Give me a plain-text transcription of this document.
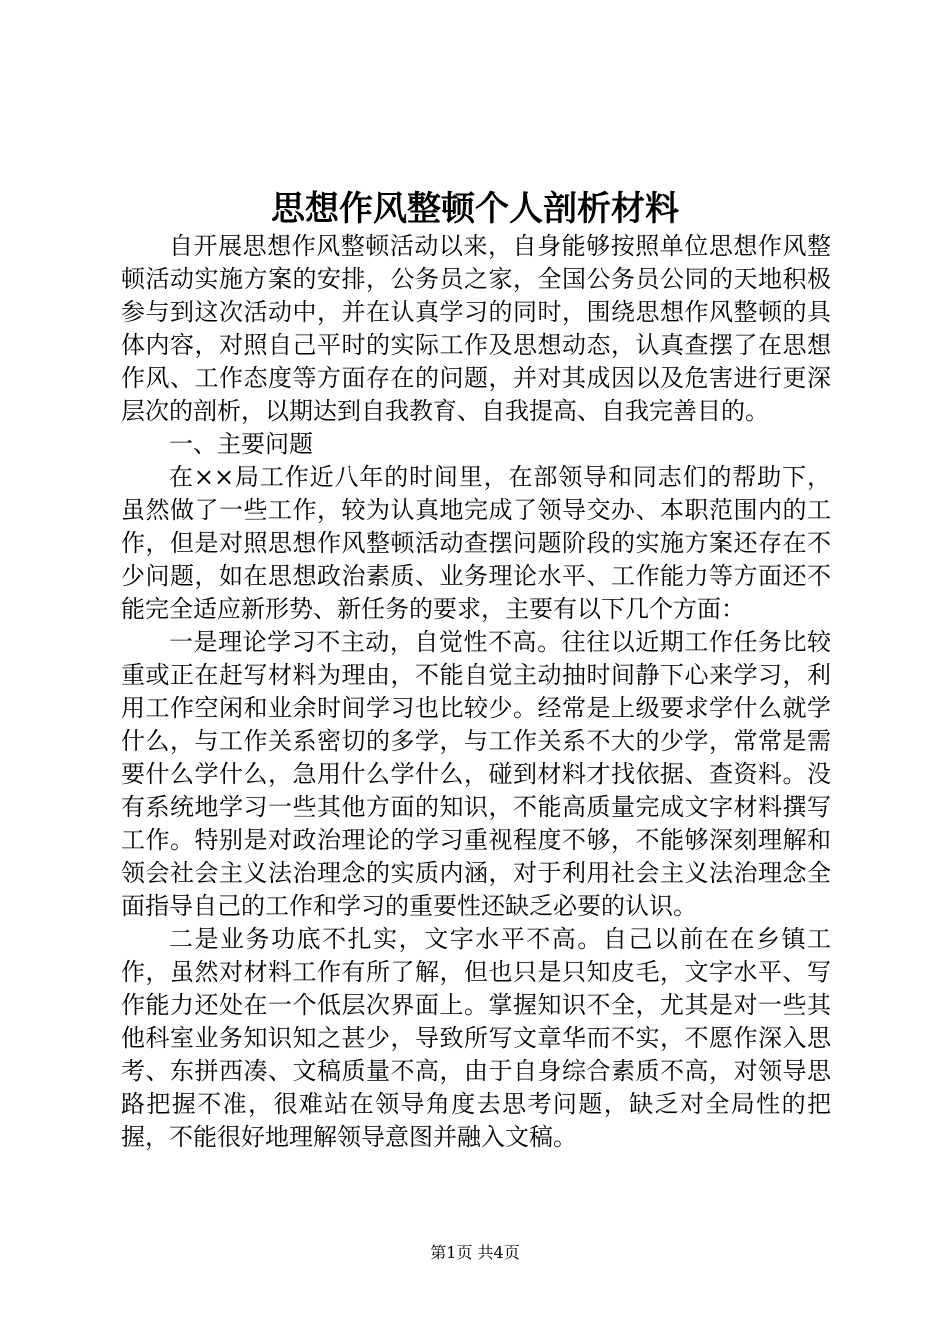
思想作风整顿个人剖析材料

自开展思想作风整顿活动以来，自身能够按照单位思想作风整顿活动实施方案的安排，公务员之家，全国公务员公同的天地积极参与到这次活动中，并在认真学习的同时，围绕思想作风整顿的具体内容，对照自己平时的实际工作及思想动态，认真查摆了在思想作风、工作态度等方面存在的问题，并对其成因以及危害进行更深层次的剖析，以期达到自我教育、自我提高、自我完善目的。

一、主要问题

在××局工作近八年的时间里，在部领导和同志们的帮助下，虽然做了一些工作，较为认真地完成了领导交办、本职范围内的工作，但是对照思想作风整顿活动查摆问题阶段的实施方案还存在不少问题，如在思想政治素质、业务理论水平、工作能力等方面还不能完全适应新形势、新任务的要求，主要有以下几个方面：

一是理论学习不主动，自觉性不高。往往以近期工作任务比较重或正在赶写材料为理由，不能自觉主动抽时间静下心来学习，利用工作空闲和业余时间学习也比较少。经常是上级要求学什么就学什么，与工作关系密切的多学，与工作关系不大的少学，常常是需要什么学什么，急用什么学什么，碰到材料才找依据、查资料。没有系统地学习一些其他方面的知识，不能高质量完成文字材料撰写工作。特别是对政治理论的学习重视程度不够，不能够深刻理解和领会社会主义法治理念的实质内涵，对于利用社会主义法治理念全面指导自己的工作和学习的重要性还缺乏必要的认识。

二是业务功底不扎实，文字水平不高。自己以前在在乡镇工作，虽然对材料工作有所了解，但也只是只知皮毛，文字水平、写作能力还处在一个低层次界面上。掌握知识不全，尤其是对一些其他科室业务知识知之甚少，导致所写文章华而不实，不愿作深入思考、东拼西凑、文稿质量不高，由于自身综合素质不高，对领导思路把握不准，很难站在领导角度去思考问题，缺乏对全局性的把握，不能很好地理解领导意图并融入文稿。

第1页 共4页
